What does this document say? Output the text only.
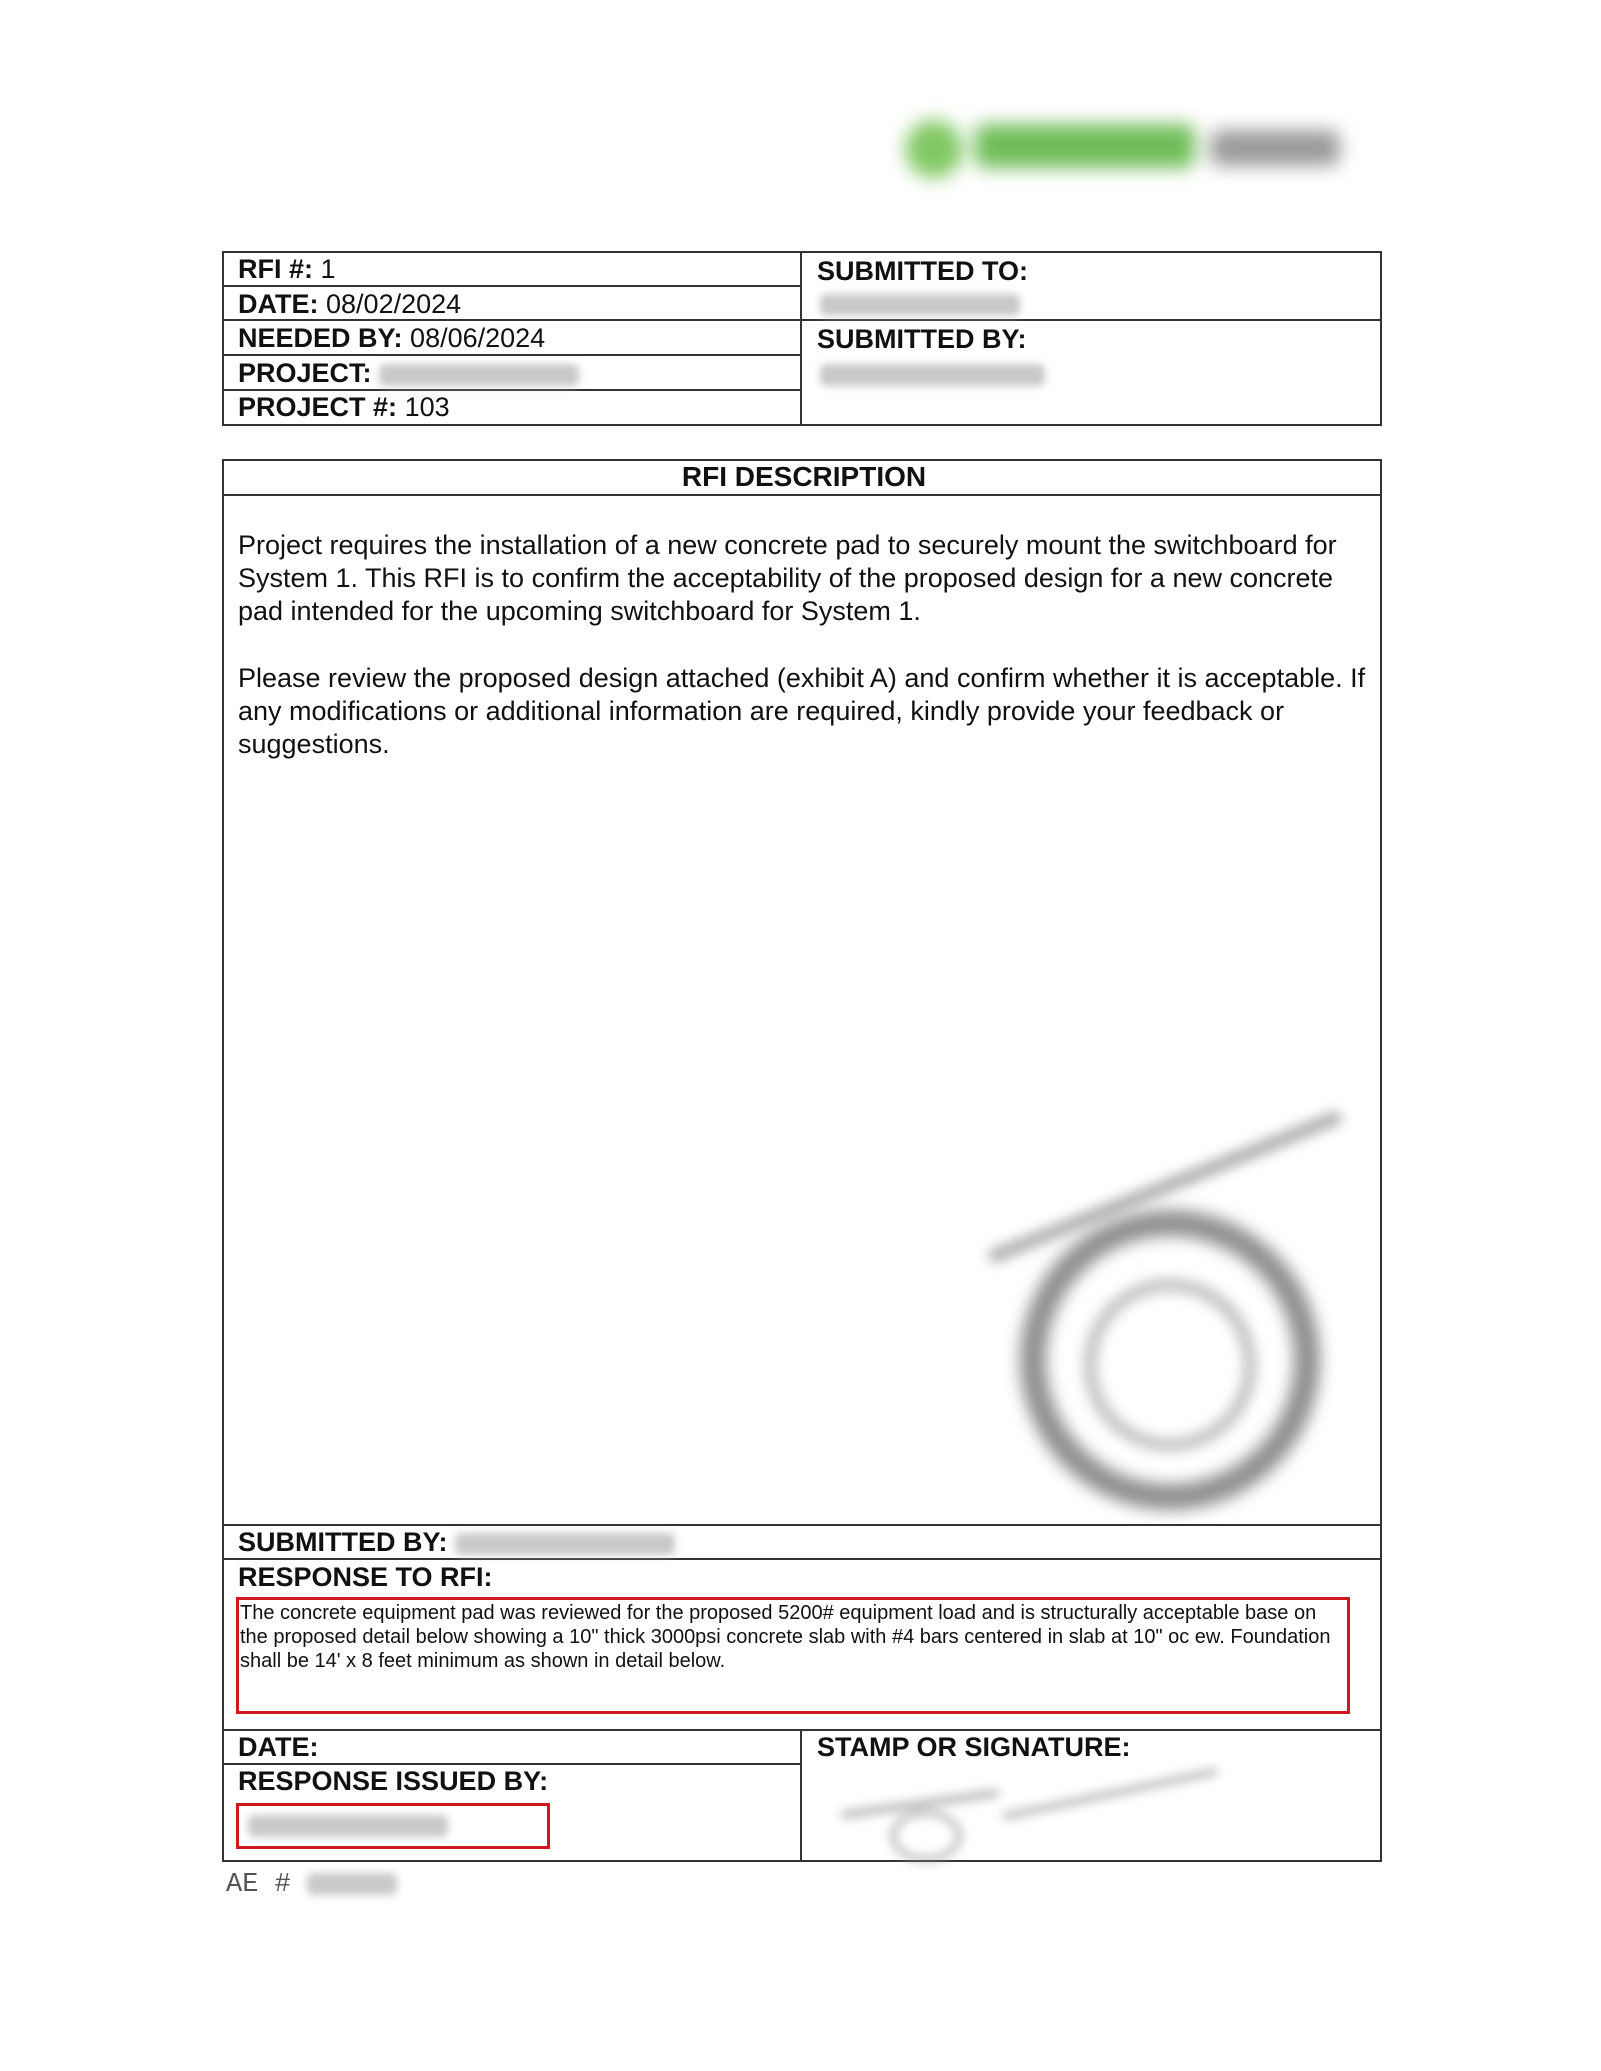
RFI #: 1
DATE: 08/02/2024
NEEDED BY: 08/06/2024
PROJECT:
PROJECT #: 103
SUBMITTED TO:
SUBMITTED BY:
RFI DESCRIPTION
Project requires the installation of a new concrete pad to securely mount the switchboard for System 1. This RFI is to confirm the acceptability of the proposed design for a new concrete pad intended for the upcoming switchboard for System 1.
Please review the proposed design attached (exhibit A) and confirm whether it is acceptable. If any modifications or additional information are required, kindly provide your feedback or suggestions.
SUBMITTED BY:
RESPONSE TO RFI:
The concrete equipment pad was reviewed for the proposed 5200# equipment load and is structurally acceptable base on the proposed detail below showing a 10" thick 3000psi concrete slab with #4 bars centered in slab at 10" oc ew. Foundation shall be 14' x 8 feet minimum as shown in detail below.
DATE:
RESPONSE ISSUED BY:
STAMP OR SIGNATURE:
AE #
